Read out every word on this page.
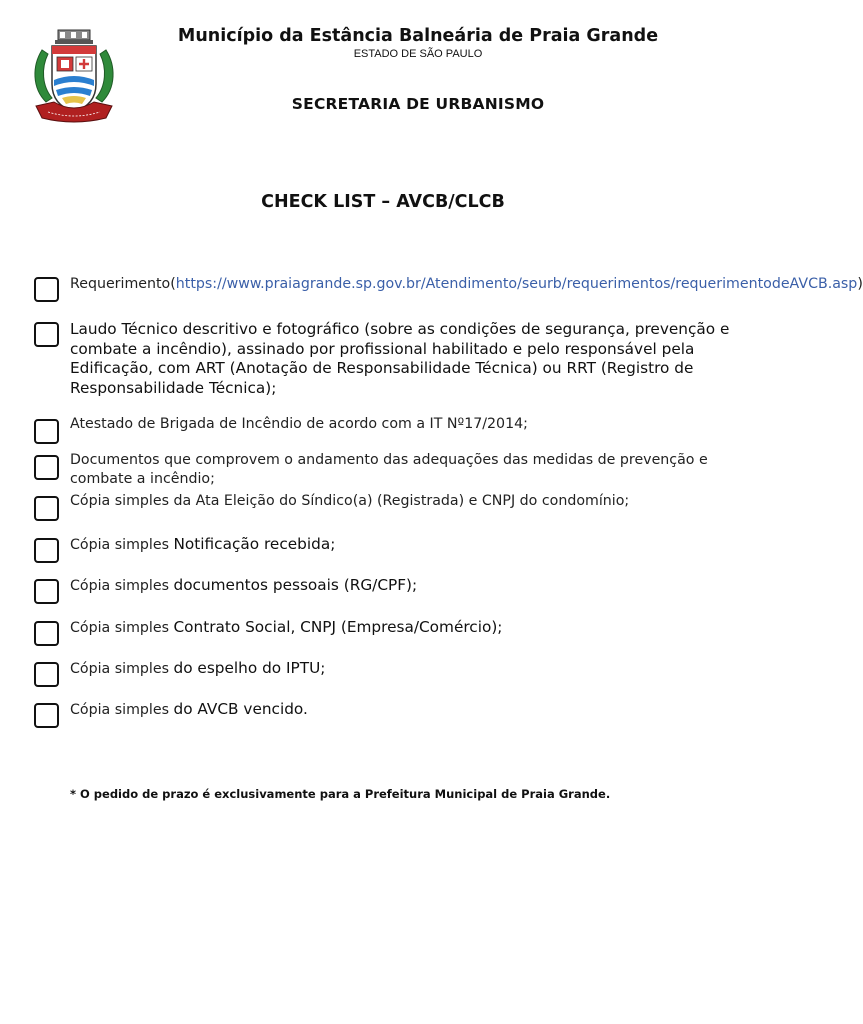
Município da Estância Balneária de Praia Grande
ESTADO DE SÃO PAULO
SECRETARIA DE URBANISMO
CHECK LIST – AVCB/CLCB
Requerimento(https://www.praiagrande.sp.gov.br/Atendimento/seurb/requerimentos/requerimentodeAVCB.asp)
Laudo Técnico descritivo e fotográfico (sobre as condições de segurança, prevenção e combate a incêndio), assinado por profissional habilitado e pelo responsável pela Edificação, com ART (Anotação de Responsabilidade Técnica) ou RRT (Registro de Responsabilidade Técnica);
Atestado de Brigada de Incêndio de acordo com a IT Nº17/2014;
Documentos que comprovem o andamento das adequações das medidas de prevenção e combate a incêndio;
Cópia simples da Ata Eleição do Síndico(a) (Registrada) e CNPJ do condomínio;
Cópia simples Notificação recebida;
Cópia simples documentos pessoais (RG/CPF);
Cópia simples Contrato Social, CNPJ (Empresa/Comércio);
Cópia simples do espelho do IPTU;
Cópia simples do AVCB vencido.
* O pedido de prazo é exclusivamente para a Prefeitura Municipal de Praia Grande.
